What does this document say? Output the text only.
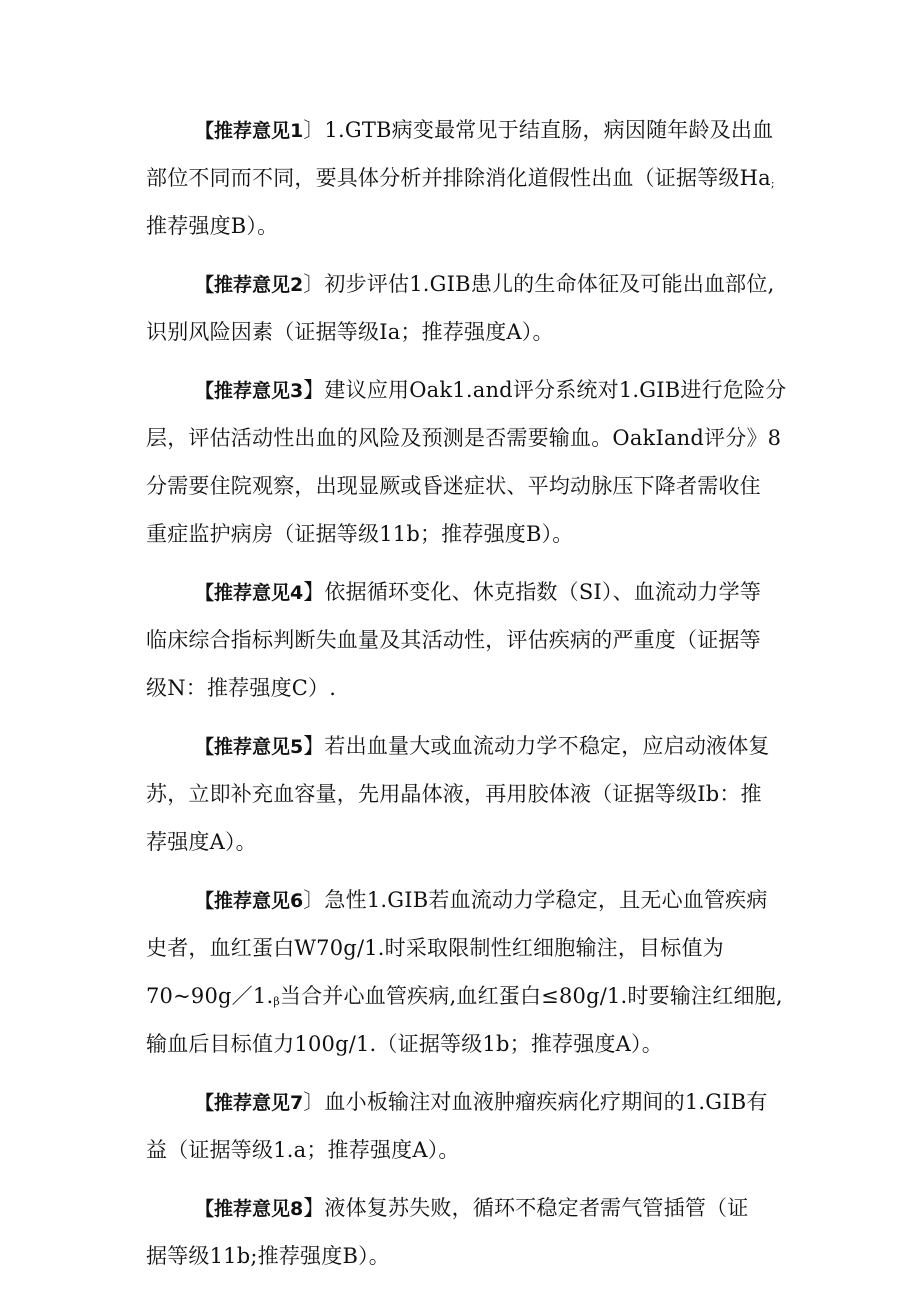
【推荐意见1〕1.GTB病变最常见于结直肠，病因随年龄及出血
部位不同而不同，要具体分析并排除消化道假性出血（证据等级Ha;
推荐强度B）。
【推荐意见2〕初步评估1.GIB患儿的生命体征及可能出血部位,
识别风险因素（证据等级Ia；推荐强度A）。
【推荐意见3】建议应用Oak1.and评分系统对1.GIB进行危险分
层，评估活动性出血的风险及预测是否需要输血。OakIand评分》8
分需要住院观察，出现显厥或昏迷症状、平均动脉压下降者需收住
重症监护病房（证据等级11b；推荐强度B）。
【推荐意见4】依据循环变化、休克指数（SI）、血流动力学等
临床综合指标判断失血量及其活动性，评估疾病的严重度（证据等
级N：推荐强度C）.
【推荐意见5】若出血量大或血流动力学不稳定，应启动液体复
苏，立即补充血容量，先用晶体液，再用胶体液（证据等级Ib：推
荐强度A）。
【推荐意见6〕急性1.GIB若血流动力学稳定，且无心血管疾病
史者，血红蛋白W70g/1.时采取限制性红细胞输注，目标值为
70~90g／1.β当合并心血管疾病,血红蛋白≤80g/1.时要输注红细胞,
输血后目标值力100g/1.（证据等级1b；推荐强度A）。
【推荐意见7〕血小板输注对血液肿瘤疾病化疗期间的1.GIB有
益（证据等级1.a；推荐强度A）。
【推荐意见8】液体复苏失败，循环不稳定者需气管插管（证
据等级11b;推荐强度B）。
